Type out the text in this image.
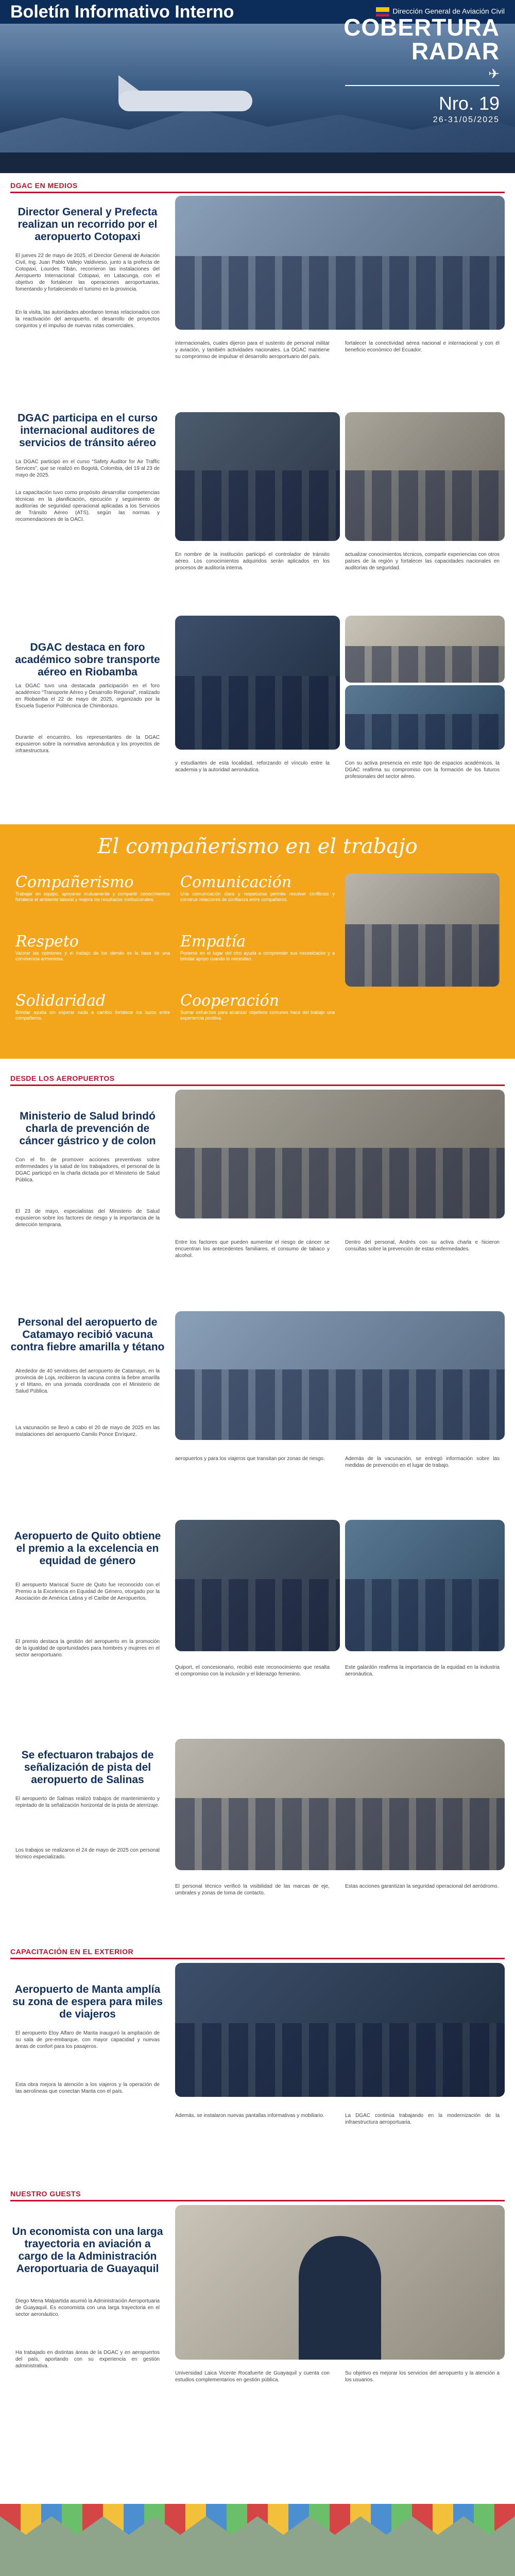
Boletín Informativo Interno	Dirección General de Aviación Civil
COBERTURA
RADAR
✈
Nro. 19
26-31/05/2025
DGAC EN MEDIOS
Director General y Prefecta realizan un recorrido por el aeropuerto Cotopaxi
El jueves 22 de mayo de 2025, el Director General de Aviación Civil, Ing. Juan Pablo Vallejo Valdivieso, junto a la prefecta de Cotopaxi, Lourdes Tibán, recorrieron las instalaciones del Aeropuerto Internacional Cotopaxi, en Latacunga, con el objetivo de fortalecer las operaciones aeroportuarias, fomentando y fortaleciendo el turismo en la provincia.
En la visita, las autoridades abordaron temas relacionados con la reactivación del aeropuerto, el desarrollo de proyectos conjuntos y el impulso de nuevas rutas comerciales.
internacionales, cuales dijeron para el sustento de personal militar y aviación, y también actividades nacionales. La DGAC mantiene su compromiso de impulsar el desarrollo aeroportuario del país.
fortalecer la conectividad aérea nacional e internacional y con él beneficio económico del Ecuador.
DGAC participa en el curso internacional auditores de servicios de tránsito aéreo
La DGAC participó en el curso “Safety Auditor for Air Traffic Services”, que se realizó en Bogotá, Colombia, del 19 al 23 de mayo de 2025.
La capacitación tuvo como propósito desarrollar competencias técnicas en la planificación, ejecución y seguimiento de auditorías de seguridad operacional aplicadas a los Servicios de Tránsito Aéreo (ATS), según las normas y recomendaciones de la OACI.
En nombre de la institución participó el controlador de tránsito aéreo. Los conocimientos adquiridos serán aplicados en los procesos de auditoría interna.
actualizar conocimientos técnicos, compartir experiencias con otros países de la región y fortalecer las capacidades nacionales en auditorías de seguridad.
DGAC destaca en foro académico sobre transporte aéreo en Riobamba
La DGAC tuvo una destacada participación en el foro académico “Transporte Aéreo y Desarrollo Regional”, realizado en Riobamba el 22 de mayo de 2025, organizado por la Escuela Superior Politécnica de Chimborazo.
Durante el encuentro, los representantes de la DGAC expusieron sobre la normativa aeronáutica y los proyectos de infraestructura.
y estudiantes de esta localidad, reforzando el vínculo entre la academia y la autoridad aeronáutica.
Con su activa presencia en este tipo de espacios académicos, la DGAC reafirma su compromiso con la formación de los futuros profesionales del sector aéreo.
El compañerismo en el trabajo
Compañerismo
Trabajar en equipo, apoyarse mutuamente y compartir conocimientos fortalece el ambiente laboral y mejora los resultados institucionales.
Comunicación
Una comunicación clara y respetuosa permite resolver conflictos y construir relaciones de confianza entre compañeros.
Respeto
Valorar las opiniones y el trabajo de los demás es la base de una convivencia armoniosa.
Empatía
Ponerse en el lugar del otro ayuda a comprender sus necesidades y a brindar apoyo cuando lo necesitan.
Solidaridad
Brindar ayuda sin esperar nada a cambio fortalece los lazos entre compañeros.
Cooperación
Sumar esfuerzos para alcanzar objetivos comunes hace del trabajo una experiencia positiva.
DESDE LOS AEROPUERTOS
Ministerio de Salud brindó charla de prevención de cáncer gástrico y de colon
Con el fin de promover acciones preventivas sobre enfermedades y la salud de los trabajadores, el personal de la DGAC participó en la charla dictada por el Ministerio de Salud Pública.
El 23 de mayo, especialistas del Ministerio de Salud expusieron sobre los factores de riesgo y la importancia de la detección temprana.
Entre los factores que pueden aumentar el riesgo de cáncer se encuentran los antecedentes familiares, el consumo de tabaco y alcohol.
Dentro del personal, Andrés con su activa charla e hicieron consultas sobre la prevención de estas enfermedades.
Personal del aeropuerto de Catamayo recibió vacuna contra fiebre amarilla y tétano
Alrededor de 40 servidores del aeropuerto de Catamayo, en la provincia de Loja, recibieron la vacuna contra la fiebre amarilla y el tétano, en una jornada coordinada con el Ministerio de Salud Pública.
La vacunación se llevó a cabo el 20 de mayo de 2025 en las instalaciones del aeropuerto Camilo Ponce Enríquez.
aeropuertos y para los viajeros que transitan por zonas de riesgo.	Además de la vacunación, se entregó información sobre las medidas de prevención en el lugar de trabajo.
Aeropuerto de Quito obtiene el premio a la excelencia en equidad de género
El aeropuerto Mariscal Sucre de Quito fue reconocido con el Premio a la Excelencia en Equidad de Género, otorgado por la Asociación de América Latina y el Caribe de Aeropuertos.
El premio destaca la gestión del aeropuerto en la promoción de la igualdad de oportunidades para hombres y mujeres en el sector aeroportuario.
Quiport, el concesionario, recibió este reconocimiento que resalta el compromiso con la inclusión y el liderazgo femenino.
Este galardón reafirma la importancia de la equidad en la industria aeronáutica.
Se efectuaron trabajos de señalización de pista del aeropuerto de Salinas
El aeropuerto de Salinas realizó trabajos de mantenimiento y repintado de la señalización horizontal de la pista de aterrizaje.
Los trabajos se realizaron el 24 de mayo de 2025 con personal técnico especializado.
El personal técnico verificó la visibilidad de las marcas de eje, umbrales y zonas de toma de contacto.
Estas acciones garantizan la seguridad operacional del aeródromo.
CAPACITACIÓN EN EL EXTERIOR
Aeropuerto de Manta amplía su zona de espera para miles de viajeros
El aeropuerto Eloy Alfaro de Manta inauguró la ampliación de su sala de pre-embarque, con mayor capacidad y nuevas áreas de confort para los pasajeros.
Esta obra mejora la atención a los viajeros y la operación de las aerolíneas que conectan Manta con el país.
Además, se instalaron nuevas pantallas informativas y mobiliario.	La DGAC continúa trabajando en la modernización de la infraestructura aeroportuaria.
NUESTRO GUESTS
Un economista con una larga trayectoria en aviación a cargo de la Administración Aeroportuaria de Guayaquil
Diego Mena Malpartida asumió la Administración Aeroportuaria de Guayaquil. Es economista con una larga trayectoria en el sector aeronáutico.
Ha trabajado en distintas áreas de la DGAC y en aeropuertos del país, aportando con su experiencia en gestión administrativa.
Universidad Laica Vicente Rocafuerte de Guayaquil y cuenta con estudios complementarios en gestión pública.
Su objetivo es mejorar los servicios del aeropuerto y la atención a los usuarios.
